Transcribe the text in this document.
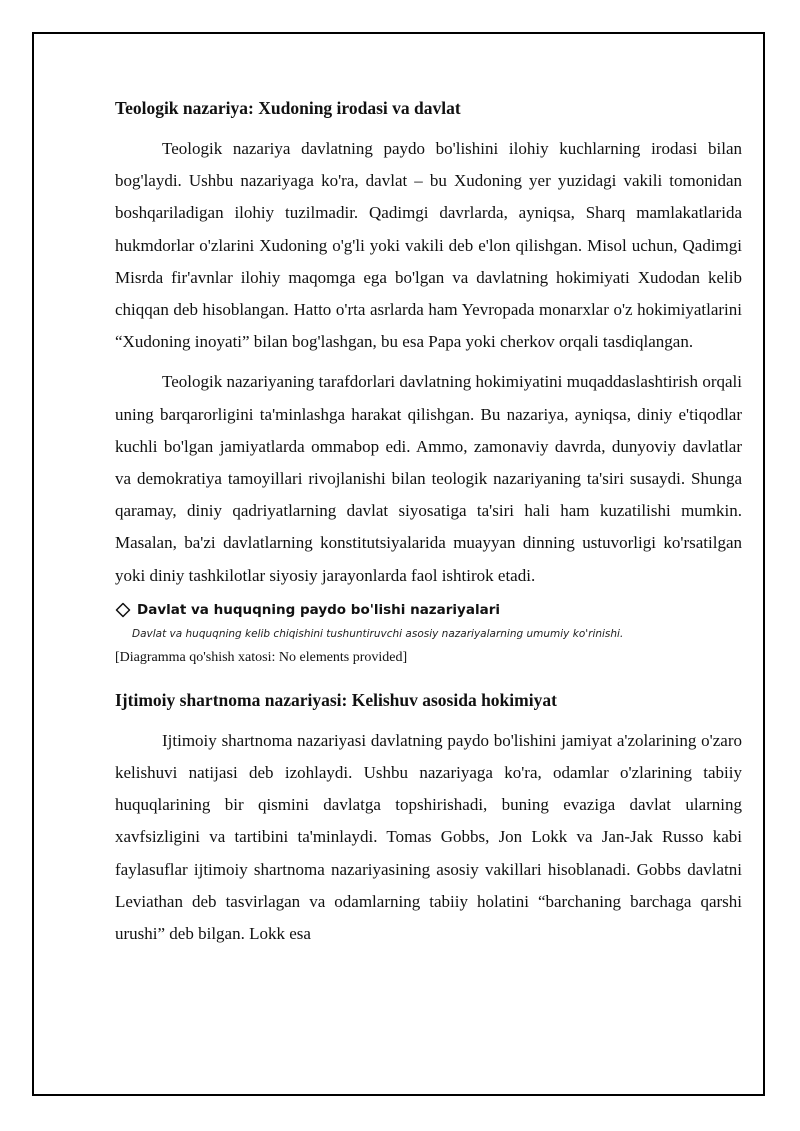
Teologik nazariya: Xudoning irodasi va davlat

Teologik nazariya davlatning paydo bo'lishini ilohiy kuchlarning irodasi bilan bog'laydi. Ushbu nazariyaga ko'ra, davlat – bu Xudoning yer yuzidagi vakili tomonidan boshqariladigan ilohiy tuzilmadir. Qadimgi davrlarda, ayniqsa, Sharq mamlakatlarida hukmdorlar o'zlarini Xudoning o'g'li yoki vakili deb e'lon qilishgan. Misol uchun, Qadimgi Misrda fir'avnlar ilohiy maqomga ega bo'lgan va davlatning hokimiyati Xudodan kelib chiqqan deb hisoblangan. Hatto o'rta asrlarda ham Yevropada monarxlar o'z hokimiyatlarini “Xudoning inoyati” bilan bog'lashgan, bu esa Papa yoki cherkov orqali tasdiqlangan.

Teologik nazariyaning tarafdorlari davlatning hokimiyatini muqaddaslashtirish orqali uning barqarorligini ta'minlashga harakat qilishgan. Bu nazariya, ayniqsa, diniy e'tiqodlar kuchli bo'lgan jamiyatlarda ommabop edi. Ammo, zamonaviy davrda, dunyoviy davlatlar va demokratiya tamoyillari rivojlanishi bilan teologik nazariyaning ta'siri susaydi. Shunga qaramay, diniy qadriyatlarning davlat siyosatiga ta'siri hali ham kuzatilishi mumkin. Masalan, ba'zi davlatlarning konstitutsiyalarida muayyan dinning ustuvorligi ko'rsatilgan yoki diniy tashkilotlar siyosiy jarayonlarda faol ishtirok etadi.

Davlat va huquqning paydo bo'lishi nazariyalari
Davlat va huquqning kelib chiqishini tushuntiruvchi asosiy nazariyalarning umumiy ko'rinishi.
[Diagramma qo'shish xatosi: No elements provided]
Ijtimoiy shartnoma nazariyasi: Kelishuv asosida hokimiyat

Ijtimoiy shartnoma nazariyasi davlatning paydo bo'lishini jamiyat a'zolarining o'zaro kelishuvi natijasi deb izohlaydi. Ushbu nazariyaga ko'ra, odamlar o'zlarining tabiiy huquqlarining bir qismini davlatga topshirishadi, buning evaziga davlat ularning xavfsizligini va tartibini ta'minlaydi. Tomas Gobbs, Jon Lokk va Jan-Jak Russo kabi faylasuflar ijtimoiy shartnoma nazariyasining asosiy vakillari hisoblanadi. Gobbs davlatni Leviathan deb tasvirlagan va odamlarning tabiiy holatini “barchaning barchaga qarshi urushi” deb bilgan. Lokk esa
